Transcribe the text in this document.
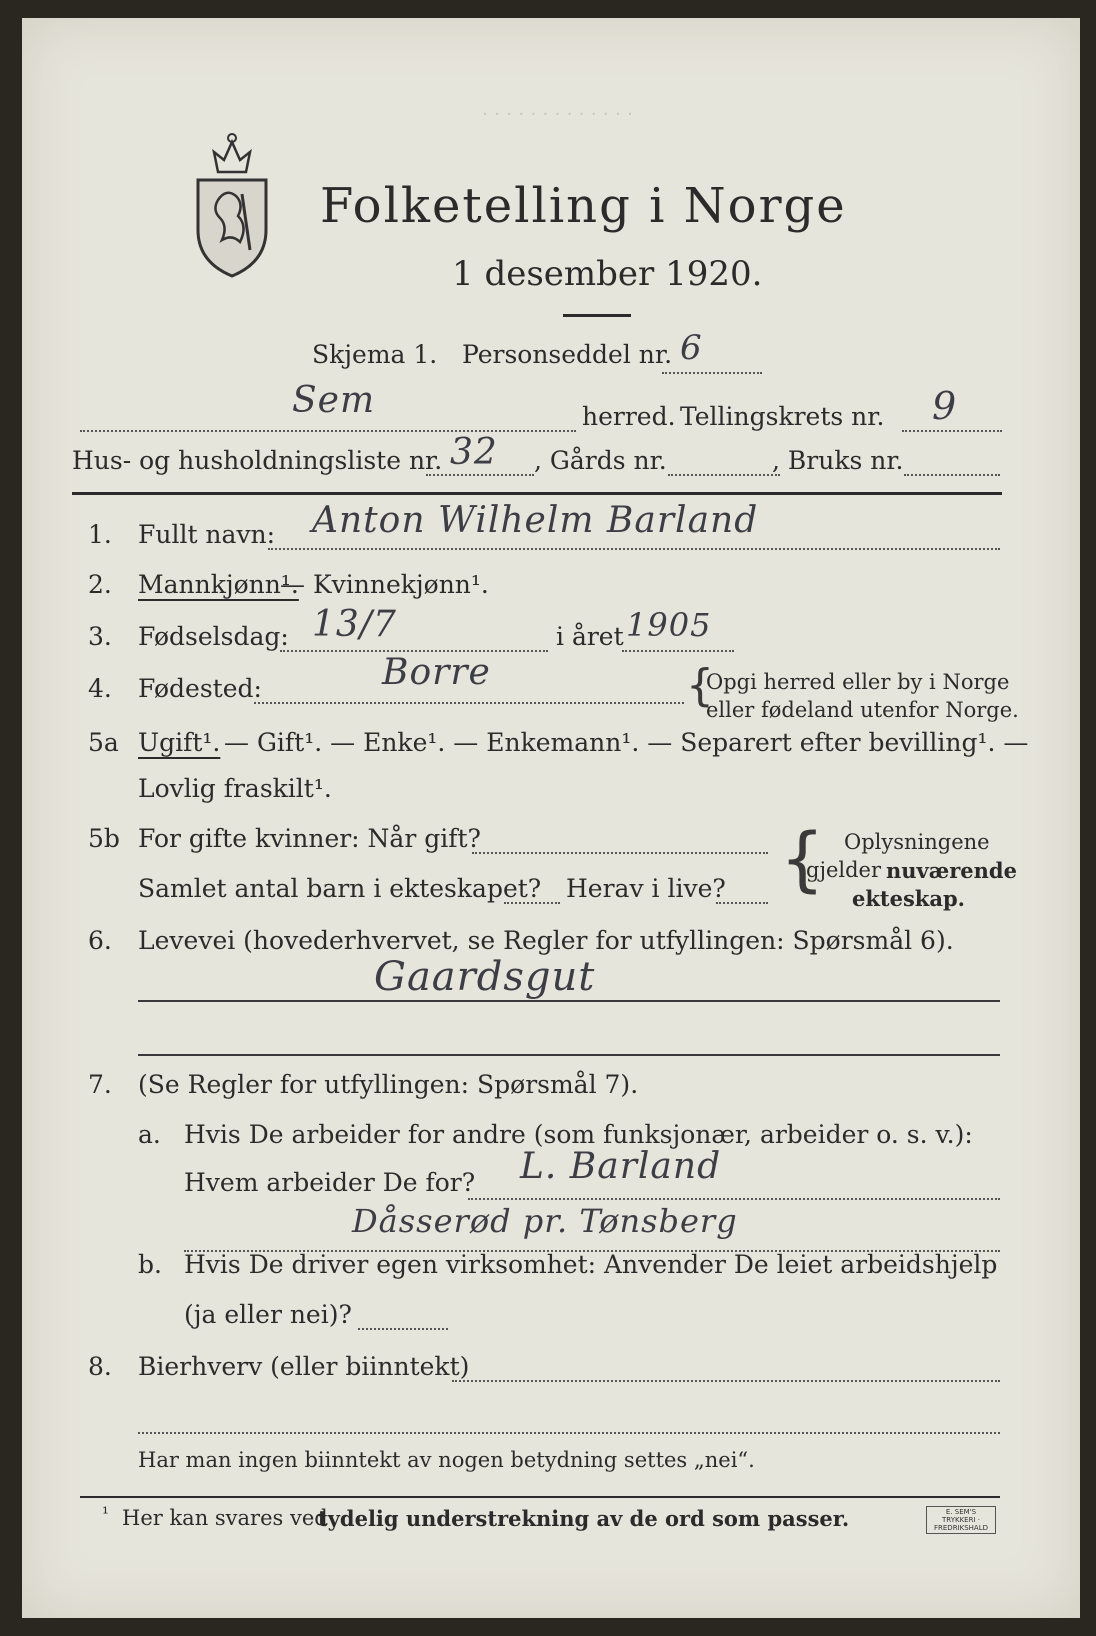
. . . . . . . . . . . . .
Folketelling i Norge
1 desember 1920.
Skjema 1. Personseddel nr. 6
Sem	herred. Tellingskrets nr. 9
Hus- og husholdningsliste nr. 32 , Gårds nr.	, Bruks nr.
1. Fullt navn: Anton Wilhelm Barland
2. Mannkjønn¹.
— Kvinnekjønn¹.
3. Fødselsdag: 13/7	i året 1905
4. Fødested:	Borre	{
Opgi herred eller by i Norge
eller fødeland utenfor Norge.
5a Ugift¹. — Gift¹. — Enke¹. — Enkemann¹. — Separert efter bevilling¹. —
Lovlig fraskilt¹.
5b For gifte kvinner: Når gift?
Samlet antal barn i ekteskapet? Herav i live? { Oplysningene
gjelder nuværende
ekteskap.
6. Levevei (hovederhvervet, se Regler for utfyllingen: Spørsmål 6).
Gaardsgut
7. (Se Regler for utfyllingen: Spørsmål 7).
a. Hvis De arbeider for andre (som funksjonær, arbeider o. s. v.):
Hvem arbeider De for? L. Barland
Dåsserød pr. Tønsberg
b. Hvis De driver egen virksomhet: Anvender De leiet arbeidshjelp
(ja eller nei)?
8. Bierhverv (eller biinntekt)
Har man ingen biinntekt av nogen betydning settes „nei“.
¹ Her kan svares ved
tydelig understrekning av de ord som passer.	E. SEM'S TRYKKERI · FREDRIKSHALD
